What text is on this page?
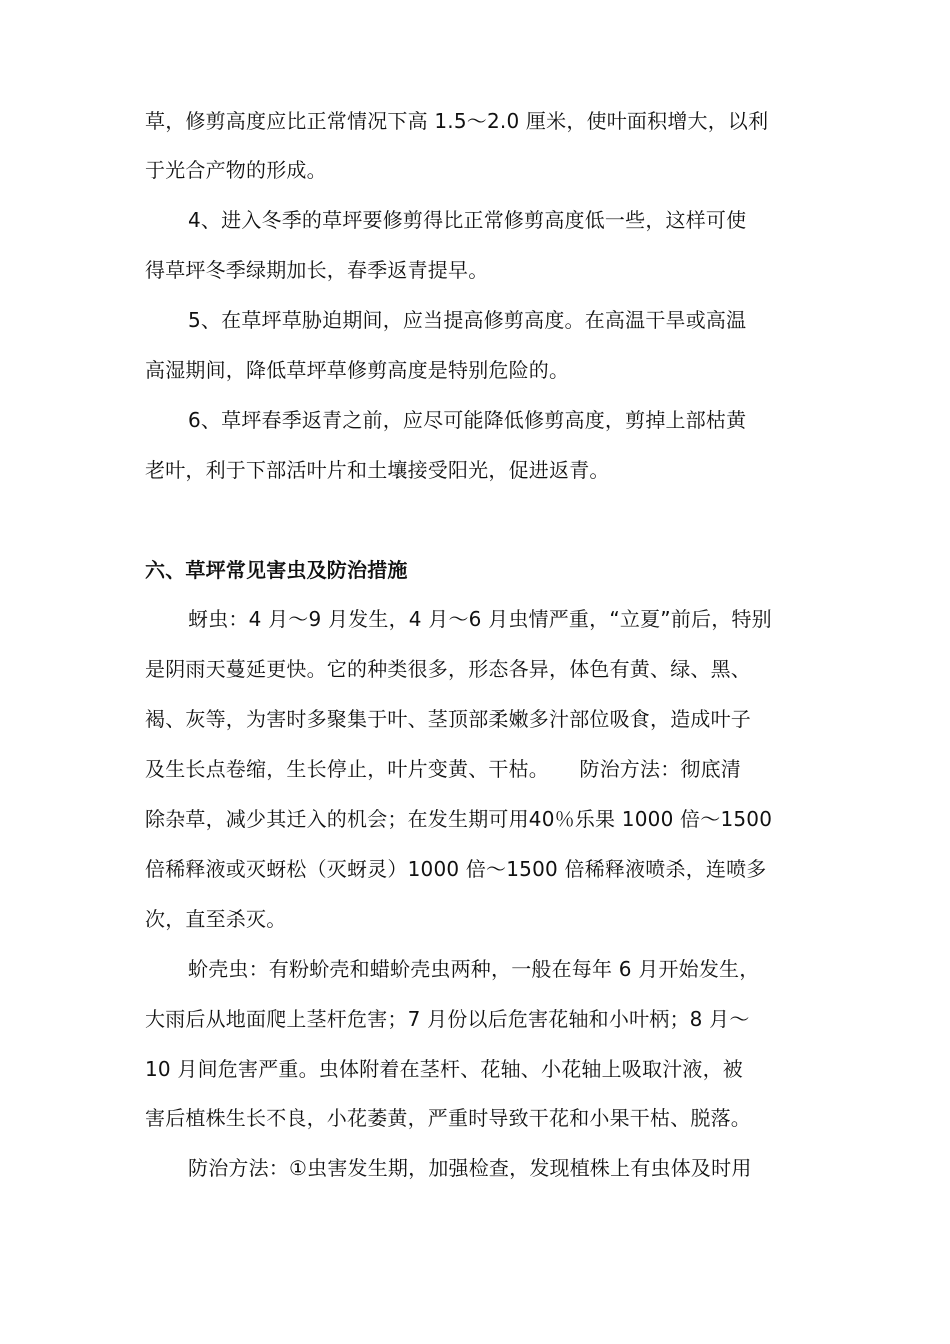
草，修剪高度应比正常情况下高 1.5～2.0 厘米，使叶面积增大，以利
于光合产物的形成。
4、进入冬季的草坪要修剪得比正常修剪高度低一些，这样可使
得草坪冬季绿期加长，春季返青提早。
5、在草坪草胁迫期间，应当提高修剪高度。在高温干旱或高温
高湿期间，降低草坪草修剪高度是特别危险的。
6、草坪春季返青之前，应尽可能降低修剪高度，剪掉上部枯黄
老叶，利于下部活叶片和土壤接受阳光，促进返青。
六、草坪常见害虫及防治措施
蚜虫：4 月～9 月发生，4 月～6 月虫情严重，“立夏”前后，特别
是阴雨天蔓延更快。它的种类很多，形态各异，体色有黄、绿、黑、
褐、灰等，为害时多聚集于叶、茎顶部柔嫩多汁部位吸食，造成叶子
及生长点卷缩，生长停止，叶片变黄、干枯。　　防治方法：彻底清
除杂草，减少其迁入的机会；在发生期可用40％乐果 1000 倍～1500
倍稀释液或灭蚜松（灭蚜灵）1000 倍～1500 倍稀释液喷杀，连喷多
次，直至杀灭。
蚧壳虫：有粉蚧壳和蜡蚧壳虫两种，一般在每年 6 月开始发生，
大雨后从地面爬上茎杆危害；7 月份以后危害花轴和小叶柄；8 月～
10 月间危害严重。虫体附着在茎杆、花轴、小花轴上吸取汁液，被
害后植株生长不良，小花萎黄，严重时导致干花和小果干枯、脱落。
防治方法：①虫害发生期，加强检查，发现植株上有虫体及时用
